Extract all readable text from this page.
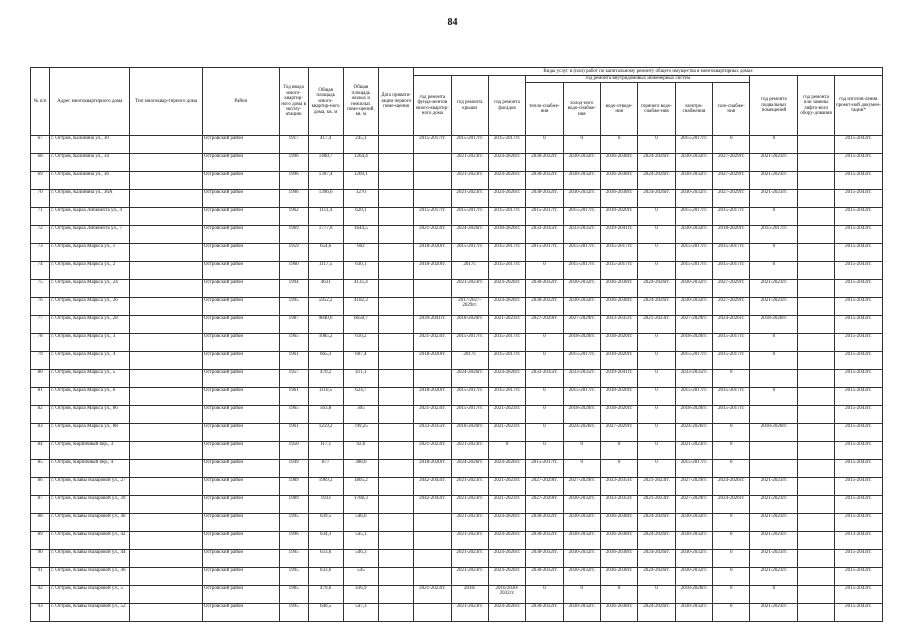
84
№ п/п	Адрес многоквартирного дома	Тип многоквар-тирного дома	Район	Год ввода много-квартир-ного дома в эксплу-атацию	Общая площадь много-квартир-ного дома, кв. м	Общая площадь жилых и нежилых поме-щений, кв. м	Дата привати-зации первого поме-щения	Виды услуг и (или) работ по капитальному ремонту общего имущества в многоквартирных домах											
								год ремонта фунда-ментов много-квартир-ного дома	год ремонта крыши	год ремонта фасадов	год ремонта внутридомовых инженерных систем						год ремонта подвальных помещений	год ремонта или замены лифто-вого обору-дования	год изготов-ления проект-ной докумен-тации*
											тепло-снабже-ния	холод-ного водо-снабже-ния	водо-отведе-ния	горячего водо-снабже-ния	электро-снабжения	газо-снабже-ния			
67	г. Остров, Калинина ул., 30		Островский район	1917	417,4	245,1		2015-2017гг.	2015-2017гг.	2015-2017гг.	0	0	0	0	2015-2017гг.	0	0		2015-2043гг.
68	г. Остров, Калинина ул., 34		Островский район	1996	1400,7	1264,4			2021-2023гг.	2024-2026гг.	2030-2032гг.	2030-2032гг.	2036-2038гг.	2024-2026гг.	2030-2032гг.	2027-2029гг.	2021-2023гг.		2015-2043гг.
69	г. Остров, Калинина ул., 36		Островский район	1996	1397,4	1269,1			2021-2023гг.	2024-2026гг.	2030-2032гг.	2030-2032гг.	2036-2038гг.	2024-2026гг.	2030-2032гг.	2027-2029гг.	2021-2023гг.		2015-2043гг.
70	г. Остров, Калинина ул., 36А		Островский район	1996	1396,6	1270			2021-2023гг.	2024-2026гг.	2030-2032гг.	2030-2032гг.	2036-2038гг.	2024-2026гг.	2030-2032гг.	2027-2029гг.	2021-2023гг.		2015-2043гг.
71	г. Остров, Карла Либкнехта ул., 4		Островский район	1962	1111,4	620,1		2015-2017гг.	2015-2017гг.	2015-2017гг.	2015-2017гг.	2015-2017гг.	2018-2020гг.	0	2015-2017гг.	2015-2017гг.	0		2015-2043гг.
72	г. Остров, Карла Либкнехта ул., 7		Островский район	1969	1777,8	1644,5		2021-2023гг.	2024-2026гг.	2018-2020гг.	2033-2035гг.	2033-2035гг.	2039-2041гг.	0	2030-2032гг.	2018-2020гг.	2015-2017гг.		2015-2043гг.
73	г. Остров, Карла Маркса ул., 1		Островский район	1959	654,6	602		2018-2020гг.	2015-2017гг.	2015-2017гг.	2015-2017гг.	2015-2017гг.	2015-2017гг.	0	2015-2017гг.	2015-2017гг.	0		2015-2043гг.
74	г. Остров, Карла Маркса ул., 2		Островский район	1960	1117,5	630,1		2018-2020гг.	2017г.	2015-2017гг.	0	2015-2017гг.	2015-2017гг.	0	2015-2017гг.	2015-2017гг.	0		2015-2043гг.
75	г. Остров, Карла Маркса ул., 24		Островский район	1994	4631	4135,4			2021-2023гг.	2024-2026гг.	2030-2032гг.	2030-2032гг.	2036-2038гг.	2024-2026гг.	2030-2032гг.	2027-2029гг.	2021-2023гг.		2015-2043гг.
76	г. Остров, Карла Маркса ул., 26		Островский район	1995	5952,2	4182,3			2017/2027-2029гг.	2024-2026гг.	2030-2032гг.	2030-2032гг.	2036-2038гг.	2024-2026гг.	2030-2032гг.	2027-2029гг.	2021-2023гг.		2015-2043гг.
77	г. Остров, Карла Маркса ул., 28		Островский район	1987	9840,6	6658,7		2039-2041гг.	2018-2020гг.	2021-2023гг.	2027-2029гг.	2027-2029гг.	2033-2035гг.	2021-2023гг.	2027-2029гг.	2024-2026гг.	2018-2020гг.		2015-2043гг.
78	г. Остров, Карла Маркса ул., 3		Островский район	1965	1085,2	610,2		2021-2023гг.	2015-2017гг.	2015-2017гг.	0	2018-2020гг.	2018-2020гг.	0	2018-2020гг.	2015-2017гг.	0		2015-2043гг.
79	г. Остров, Карла Маркса ул., 4		Островский район	1961	665,3	607,4		2018-2020гг.	2017г.	2015-2017гг.	0	2015-2017гг.	2018-2020гг.	0	2015-2017гг.	2015-2017гг.	0		2015-2043гг.
80	г. Остров, Карла Маркса ул., 5		Островский район	1957	470,2	411,1			2024-2026гг.	2024-2026гг.	2033-2035гг.	2033-2035гг.	2039-2041гг.	0	2033-2035гг.	0			2015-2043гг.
81	г. Остров, Карла Маркса ул., 6		Островский район	1961	1110,5	624,7		2018-2020гг.	2015-2017гг.	2015-2017гг.	0	2015-2017гг.	2018-2020гг.	0	2015-2017гг.	2015-2017гг.	0		2015-2043гг.
82	г. Остров, Карла Маркса ул., 86		Островский район	1965	563,8	305		2021-2023гг.	2015-2017гг.	2021-2023гг.	0	2018-2020гг.	2018-2020гг.	0	2018-2020гг.	2015-2017гг.			2015-2043гг.
83	г. Остров, Карла Маркса ул., 88		Островский район	1961	1259,2	799,25		2033-2035гг.	2018-2020гг.	2021-2023гг.	0	2024-2026гг.	2027-2029гг.	0	2024-2026гг.	0	2018-2020гг.		2015-2043гг.
84	г. Остров, Кирпичный пер., 3		Островский район	1950	117,1	92,6		2021-2023гг.	2021-2023гг.	0	0	0	0	0	2021-2023гг.	0			2015-2043гг.
85	г. Остров, Кирпичный пер., 4		Островский район	1949	877	308,6		2018-2020гг.	2024-2026гг.	2024-2026гг.	2015-2017гг.	0	0	0	2015-2017гг.	0			2015-2043гг.
86	г. Остров, Клавы Назаровой ул., 27		Островский район	1989	1969,2	1805,2		2042-2043гг.	2021-2023гг.	2021-2023гг.	2027-2029гг.	2027-2029гг.	2033-2035гг.	2021-2023гг.	2027-2029гг.	2024-2026гг.	2021-2023гг.		2015-2043гг.
87	г. Остров, Клавы Назаровой ул., 39		Островский район	1989	1933	1768,3		2042-2043гг.	2021-2023гг.	2021-2023гг.	2027-2029гг.	2030-2032гг.	2033-2035гг.	2021-2023гг.	2027-2029гг.	2024-2026гг.	2021-2023гг.		2015-2043гг.
88	г. Остров, Клавы Назаровой ул., 40		Островский район	1995	639,5	546,6			2021-2023гг.	2024-2026гг.	2030-2032гг.	2030-2032гг.	2036-2038гг.	2024-2026гг.	2030-2032гг.	0	2021-2023гг.		2015-2043гг.
89	г. Остров, Клавы Назаровой ул., 42		Островский район	1996	634,3	545,1			2021-2023гг.	2024-2026гг.	2030-2032гг.	2030-2032гг.	2036-2038гг.	2024-2026гг.	2030-2032гг.	0	2021-2023гг.		2013-2043гг.
90	г. Остров, Клавы Назаровой ул., 44		Островский район	1995	633,6	546,3			2021-2023гг.	2024-2026гг.	2030-2032гг.	2030-2032гг.	2036-2038гг.	2024-2026гг.	2030-2032гг.	0	2021-2023гг.		2015-2043гг.
91	г. Остров, Клавы Назаровой ул., 46		Островский район	1995	633,6	545			2021-2023гг.	2024-2026гг.	2030-2032гг.	2030-2032гг.	2036-2038гг.	2024-2026гг.	2030-2032гг.	0	2021-2023гг.		2015-2043гг.
92	г. Остров, Клавы Назаровой ул., 5		Островский район	1985	479,6	436,9		2021-2023гг.	2016/	2016/2030-2032гг.	0	0	0	0	2018-2020гг.	0	0		2015-2043гг.
93	г. Остров, Клавы Назаровой ул., 52		Островский район	1995	640,5	547,3			2021-2023гг.	2024-2026гг.	2030-2032гг.	2030-2032гг.	2036-2038гг.	2024-2026гг.	2030-2032гг.	0	2021-2023гг.		2015-2043гг.
